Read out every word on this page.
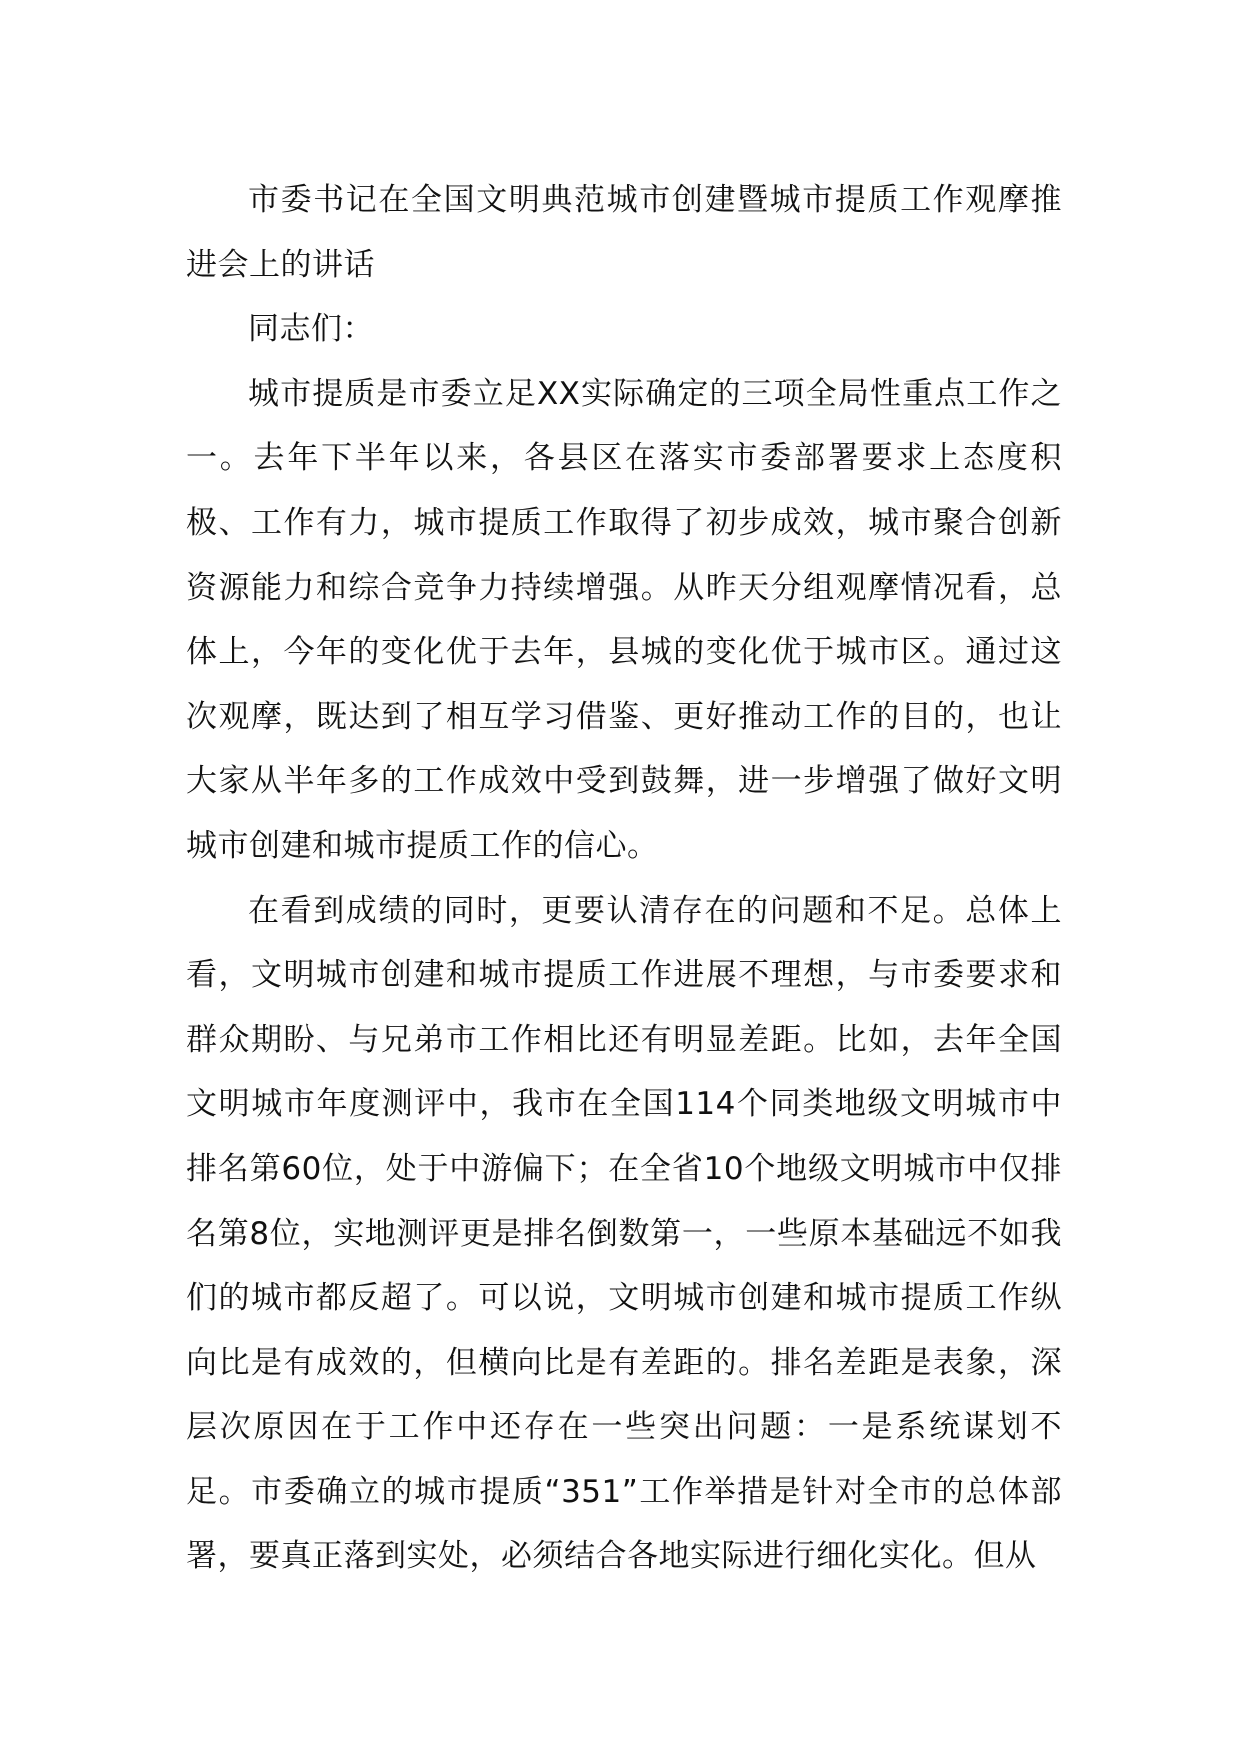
市委书记在全国文明典范城市创建暨城市提质工作观摩推进会上的讲话

同志们：

城市提质是市委立足XX实际确定的三项全局性重点工作之一。去年下半年以来，各县区在落实市委部署要求上态度积极、工作有力，城市提质工作取得了初步成效，城市聚合创新资源能力和综合竞争力持续增强。从昨天分组观摩情况看，总体上，今年的变化优于去年，县城的变化优于城市区。通过这次观摩，既达到了相互学习借鉴、更好推动工作的目的，也让大家从半年多的工作成效中受到鼓舞，进一步增强了做好文明城市创建和城市提质工作的信心。

在看到成绩的同时，更要认清存在的问题和不足。总体上看，文明城市创建和城市提质工作进展不理想，与市委要求和群众期盼、与兄弟市工作相比还有明显差距。比如，去年全国文明城市年度测评中，我市在全国114个同类地级文明城市中排名第60位，处于中游偏下；在全省10个地级文明城市中仅排名第8位，实地测评更是排名倒数第一，一些原本基础远不如我们的城市都反超了。可以说，文明城市创建和城市提质工作纵向比是有成效的，但横向比是有差距的。排名差距是表象，深层次原因在于工作中还存在一些突出问题：一是系统谋划不足。市委确立的城市提质“351”工作举措是针对全市的总体部署，要真正落到实处，必须结合各地实际进行细化实化。但从
